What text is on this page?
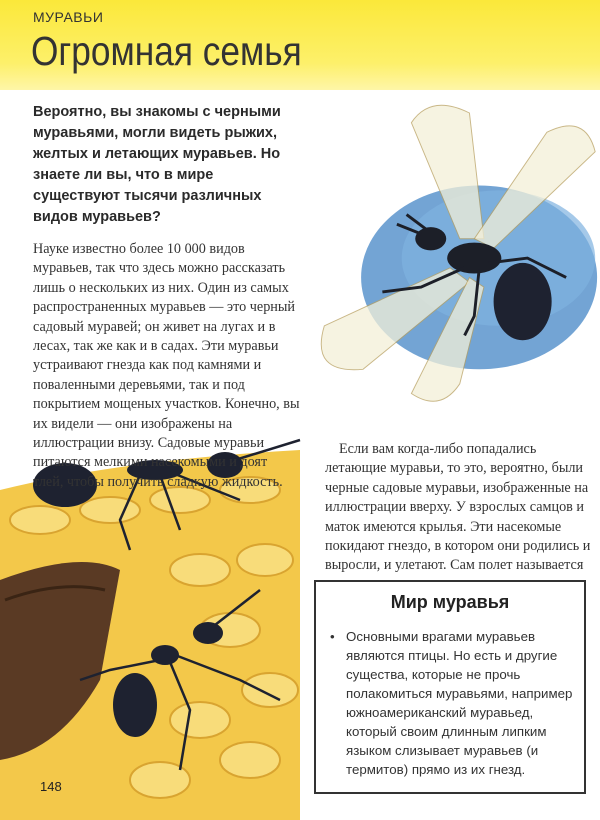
МУРАВЬИ
Огромная семья
Вероятно, вы знакомы с черными муравьями, могли видеть рыжих, желтых и летающих муравьев. Но знаете ли вы, что в мире существуют тысячи различных видов муравьев?
Науке известно более 10 000 видов муравьев, так что здесь можно рассказать лишь о нескольких из них. Один из самых распространенных муравьев — это черный садовый муравей; он живет на лугах и в лесах, так же как и в садах. Эти муравьи устраивают гнезда как под камнями и поваленными деревьями, так и под покрытием мощеных участков. Конечно, вы их видели — они изображены на иллюстрации внизу. Садовые муравьи питаются мелкими насекомыми и доят тлей, чтобы получить сладкую жидкость.
Если вам когда-либо попадались летающие муравьи, то это, вероятно, были черные садовые муравьи, изображенные на иллюстрации вверху. У взрослых самцов и маток имеются крылья. Эти насекомые покидают гнездо, в котором они родились и выросли, и улетают. Сам полет называется
Мир муравья
• Основными врагами муравьев являются птицы. Но есть и другие существа, которые не прочь полакомиться муравьями, например южноамериканский муравьед, который своим длинным липким языком слизывает муравьев (и термитов) прямо из их гнезд.
148
